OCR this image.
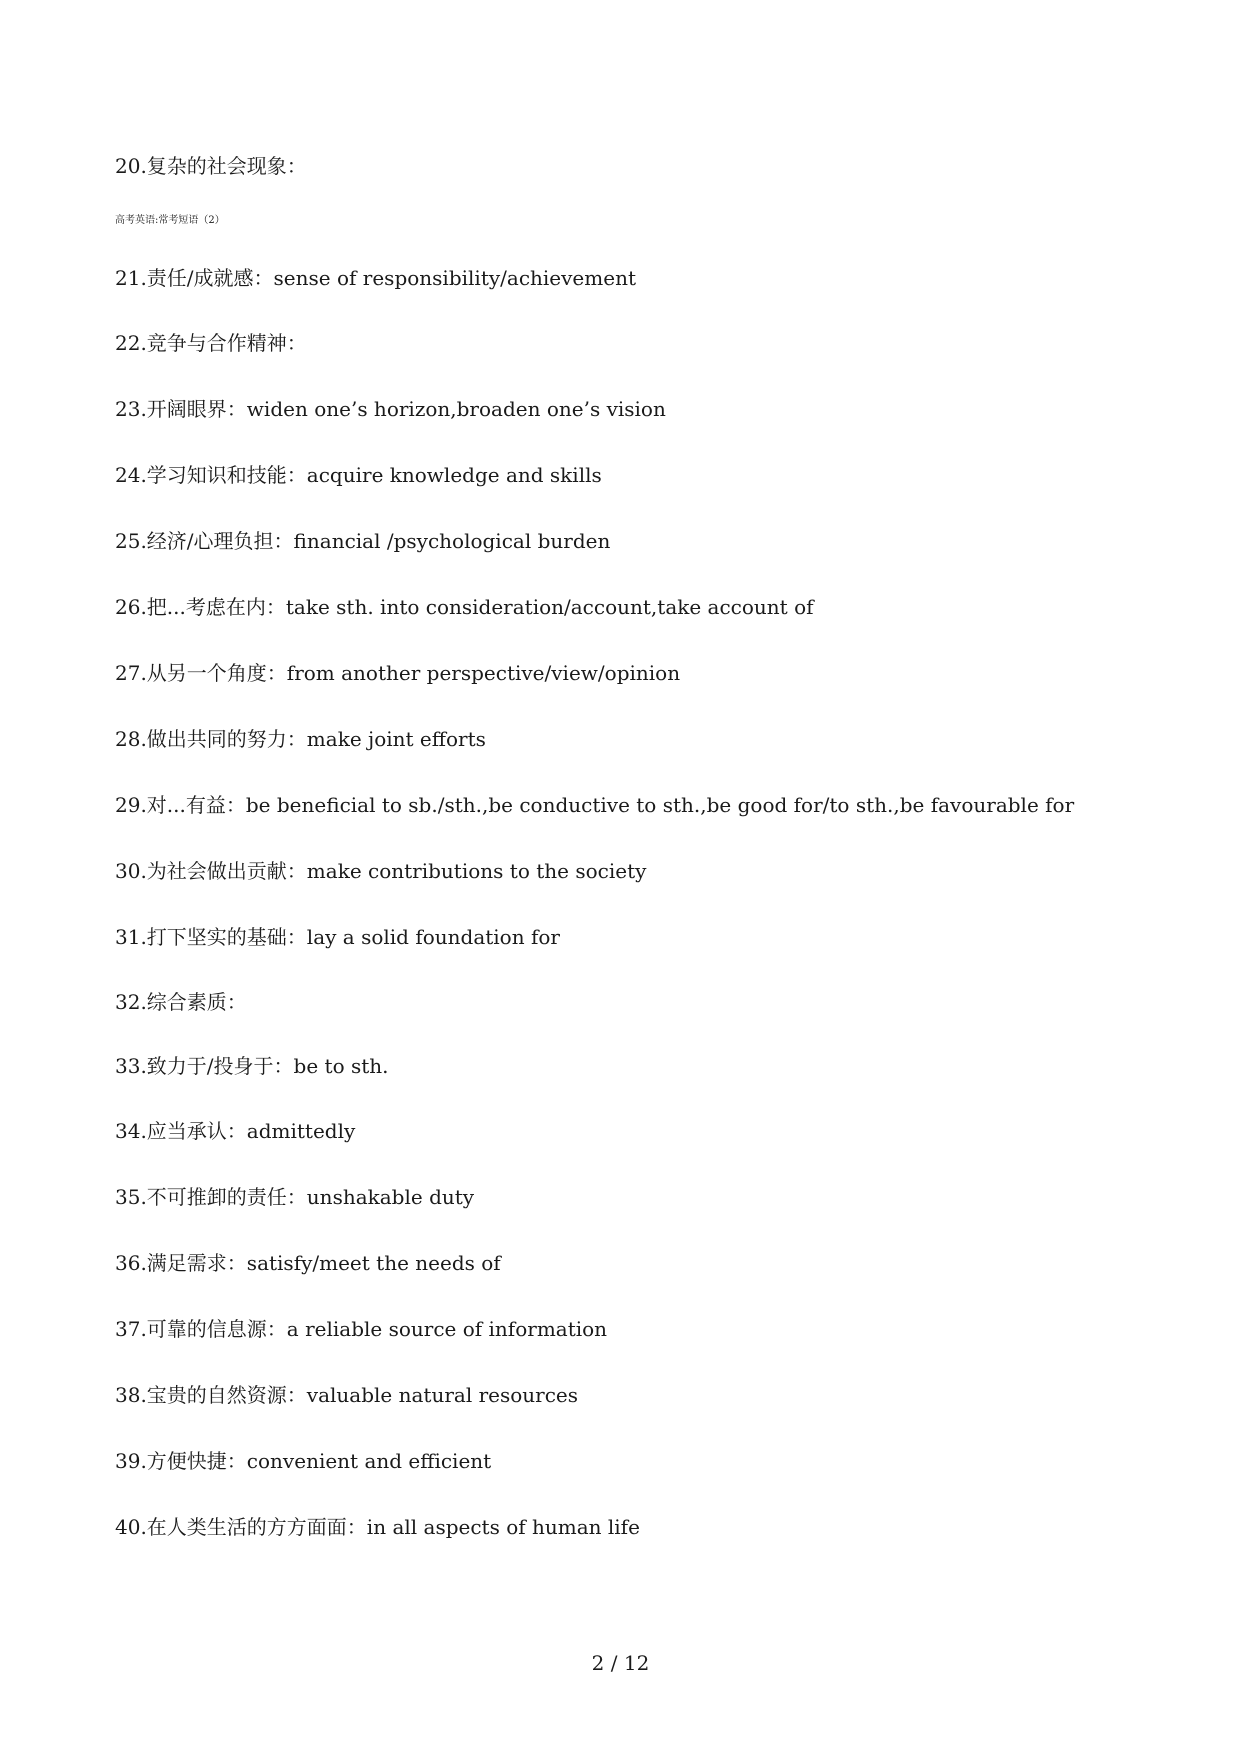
20.复杂的社会现象：
高考英语:常考短语（2）
21.责任/成就感：sense of responsibility/achievement
22.竞争与合作精神：
23.开阔眼界：widen one’s horizon,broaden one’s vision
24.学习知识和技能：acquire knowledge and skills
25.经济/心理负担：financial /psychological burden
26.把...考虑在内：take sth. into consideration/account,take account of
27.从另一个角度：from another perspective/view/opinion
28.做出共同的努力：make joint efforts
29.对...有益：be beneficial to sb./sth.,be conductive to sth.,be good for/to sth.,be favourable for
30.为社会做出贡献：make contributions to the society
31.打下坚实的基础：lay a solid foundation for
32.综合素质：
33.致力于/投身于：be to sth.
34.应当承认：admittedly
35.不可推卸的责任：unshakable duty
36.满足需求：satisfy/meet the needs of
37.可靠的信息源：a reliable source of information
38.宝贵的自然资源：valuable natural resources
39.方便快捷：convenient and efficient
40.在人类生活的方方面面：in all aspects of human life
2 / 12
